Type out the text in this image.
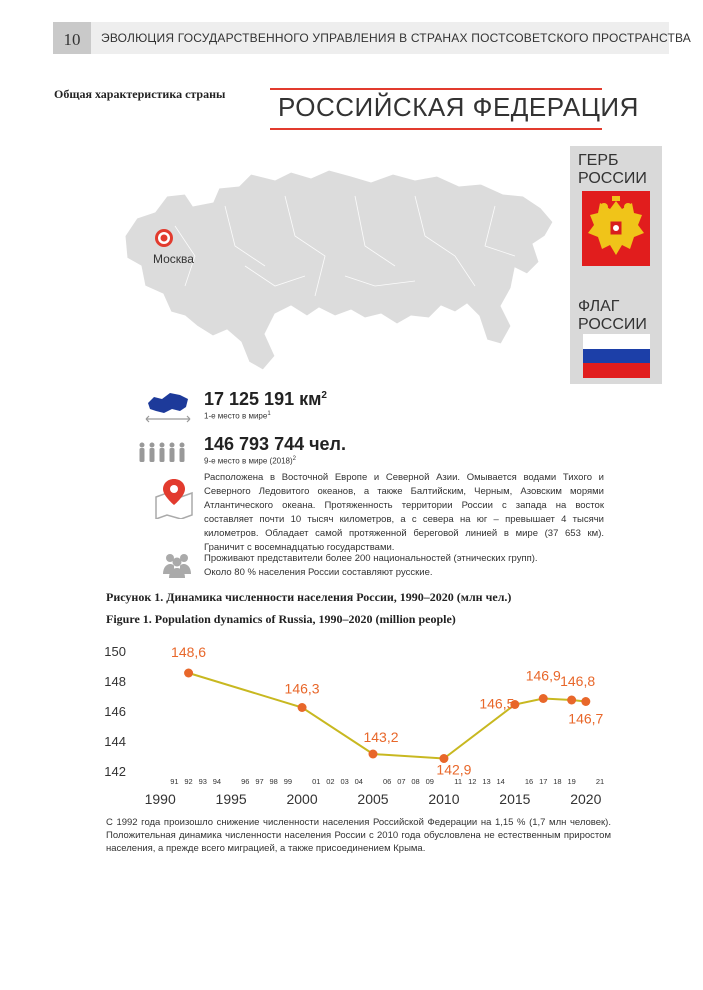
10	ЭВОЛЮЦИЯ ГОСУДАРСТВЕННОГО УПРАВЛЕНИЯ В СТРАНАХ ПОСТСОВЕТСКОГО ПРОСТРАНСТВА
Общая характеристика страны РОССИЙСКАЯ ФЕДЕРАЦИЯ
Москва
ГЕРБ
РОССИИ
ФЛАГ
РОССИИ
17 125 191 $км^2$
1-е место в мире$^1$
146 793 744 чел.
9-е место в мире $(2018)^2$
Расположена в Восточной Европе и Северной Азии. Омывается водами Тихого и Северного Ледовитого океанов, а также Балтийским, Черным, Азовским морями Атлантического океана. Протяженность территории России с запада на восток составляет почти 10 тысяч километров, а с севера на юг – превышает 4 тысячи километров. Обладает самой протяженной береговой линией в мире (37 653 км). Граничит с восемнадцатью государствами.
Проживают представители более 200 национальностей (этнических групп).
Около 80 % населения России составляют русские.
Рисунок 1. Динамика численности населения России, 1990–2020 (млн чел.)
Figure 1. Population dynamics of Russia, 1990–2020 (million people)
142
144
146
148
150
91 92 93 94	96 97 98 99	01 02 03 04	06 07 08 09	11 12 13 14	16 17 18 19	21
1990	1995	2000	2005	2010	2015	2020
148,6
146,3
143,2
142,9
146,5
146,9 146,8
146,7
С 1992 года произошло снижение численности населения Российской Федерации на 1,15 % (1,7 млн человек). Положительная динамика численности населения России с 2010 года обусловлена не естественным приростом населения, а прежде всего миграцией, а также присоединением Крыма.
